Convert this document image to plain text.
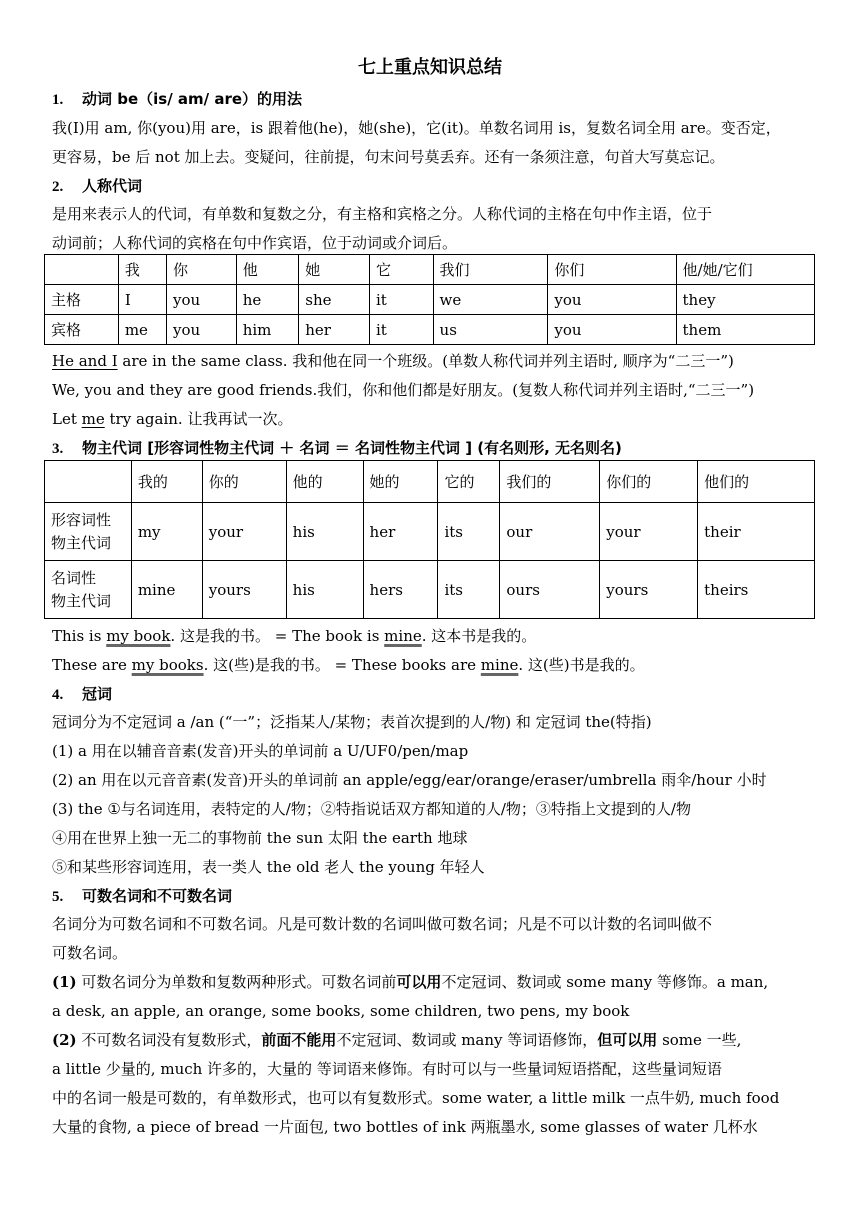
七上重点知识总结
1. 动词 be（is/ am/ are）的用法
我(I)用 am, 你(you)用 are，is 跟着他(he)，她(she)，它(it)。单数名词用 is，复数名词全用 are。变否定，
更容易，be 后 not 加上去。变疑问，往前提，句末问号莫丢弃。还有一条须注意，句首大写莫忘记。
2. 人称代词
是用来表示人的代词，有单数和复数之分，有主格和宾格之分。人称代词的主格在句中作主语，位于
动词前；人称代词的宾格在句中作宾语，位于动词或介词后。
	我	你	他	她	它	我们	你们	他/她/它们
主格	I	you	he	she	it	we	you	they
宾格	me	you	him	her	it	us	you	them
He and I are in the same class. 我和他在同一个班级。(单数人称代词并列主语时, 顺序为“二三一”)
We, you and they are good friends.我们，你和他们都是好朋友。(复数人称代词并列主语时,“二三一”)
Let me try again. 让我再试一次。
3. 物主代词 [形容词性物主代词 ＋ 名词 ＝ 名词性物主代词 ] (有名则形, 无名则名)
	我的	你的	他的	她的	它的	我们的	你们的	他们的
形容词性
物主代词	my	your	his	her	its	our	your	their
名词性
物主代词	mine	yours	his	hers	its	ours	yours	theirs
This is my book. 这是我的书。 = The book is mine. 这本书是我的。
These are my books. 这(些)是我的书。 = These books are mine. 这(些)书是我的。
4. 冠词
冠词分为不定冠词 a /an (“一”；泛指某人/某物；表首次提到的人/物) 和 定冠词 the(特指)
(1) a 用在以辅音音素(发音)开头的单词前 a U/UF0/pen/map
(2) an 用在以元音音素(发音)开头的单词前 an apple/egg/ear/orange/eraser/umbrella 雨伞/hour 小时
(3) the ①与名词连用，表特定的人/物；②特指说话双方都知道的人/物；③特指上文提到的人/物
④用在世界上独一无二的事物前 the sun 太阳 the earth 地球
⑤和某些形容词连用，表一类人 the old 老人 the young 年轻人
5. 可数名词和不可数名词
名词分为可数名词和不可数名词。凡是可数计数的名词叫做可数名词；凡是不可以计数的名词叫做不
可数名词。
(1) 可数名词分为单数和复数两种形式。可数名词前可以用不定冠词、数词或 some many 等修饰。a man,
a desk, an apple, an orange, some books, some children, two pens, my book
(2) 不可数名词没有复数形式，前面不能用不定冠词、数词或 many 等词语修饰，但可以用 some 一些,
a little 少量的, much 许多的，大量的 等词语来修饰。有时可以与一些量词短语搭配，这些量词短语
中的名词一般是可数的，有单数形式，也可以有复数形式。some water, a little milk 一点牛奶, much food
大量的食物, a piece of bread 一片面包, two bottles of ink 两瓶墨水, some glasses of water 几杯水
